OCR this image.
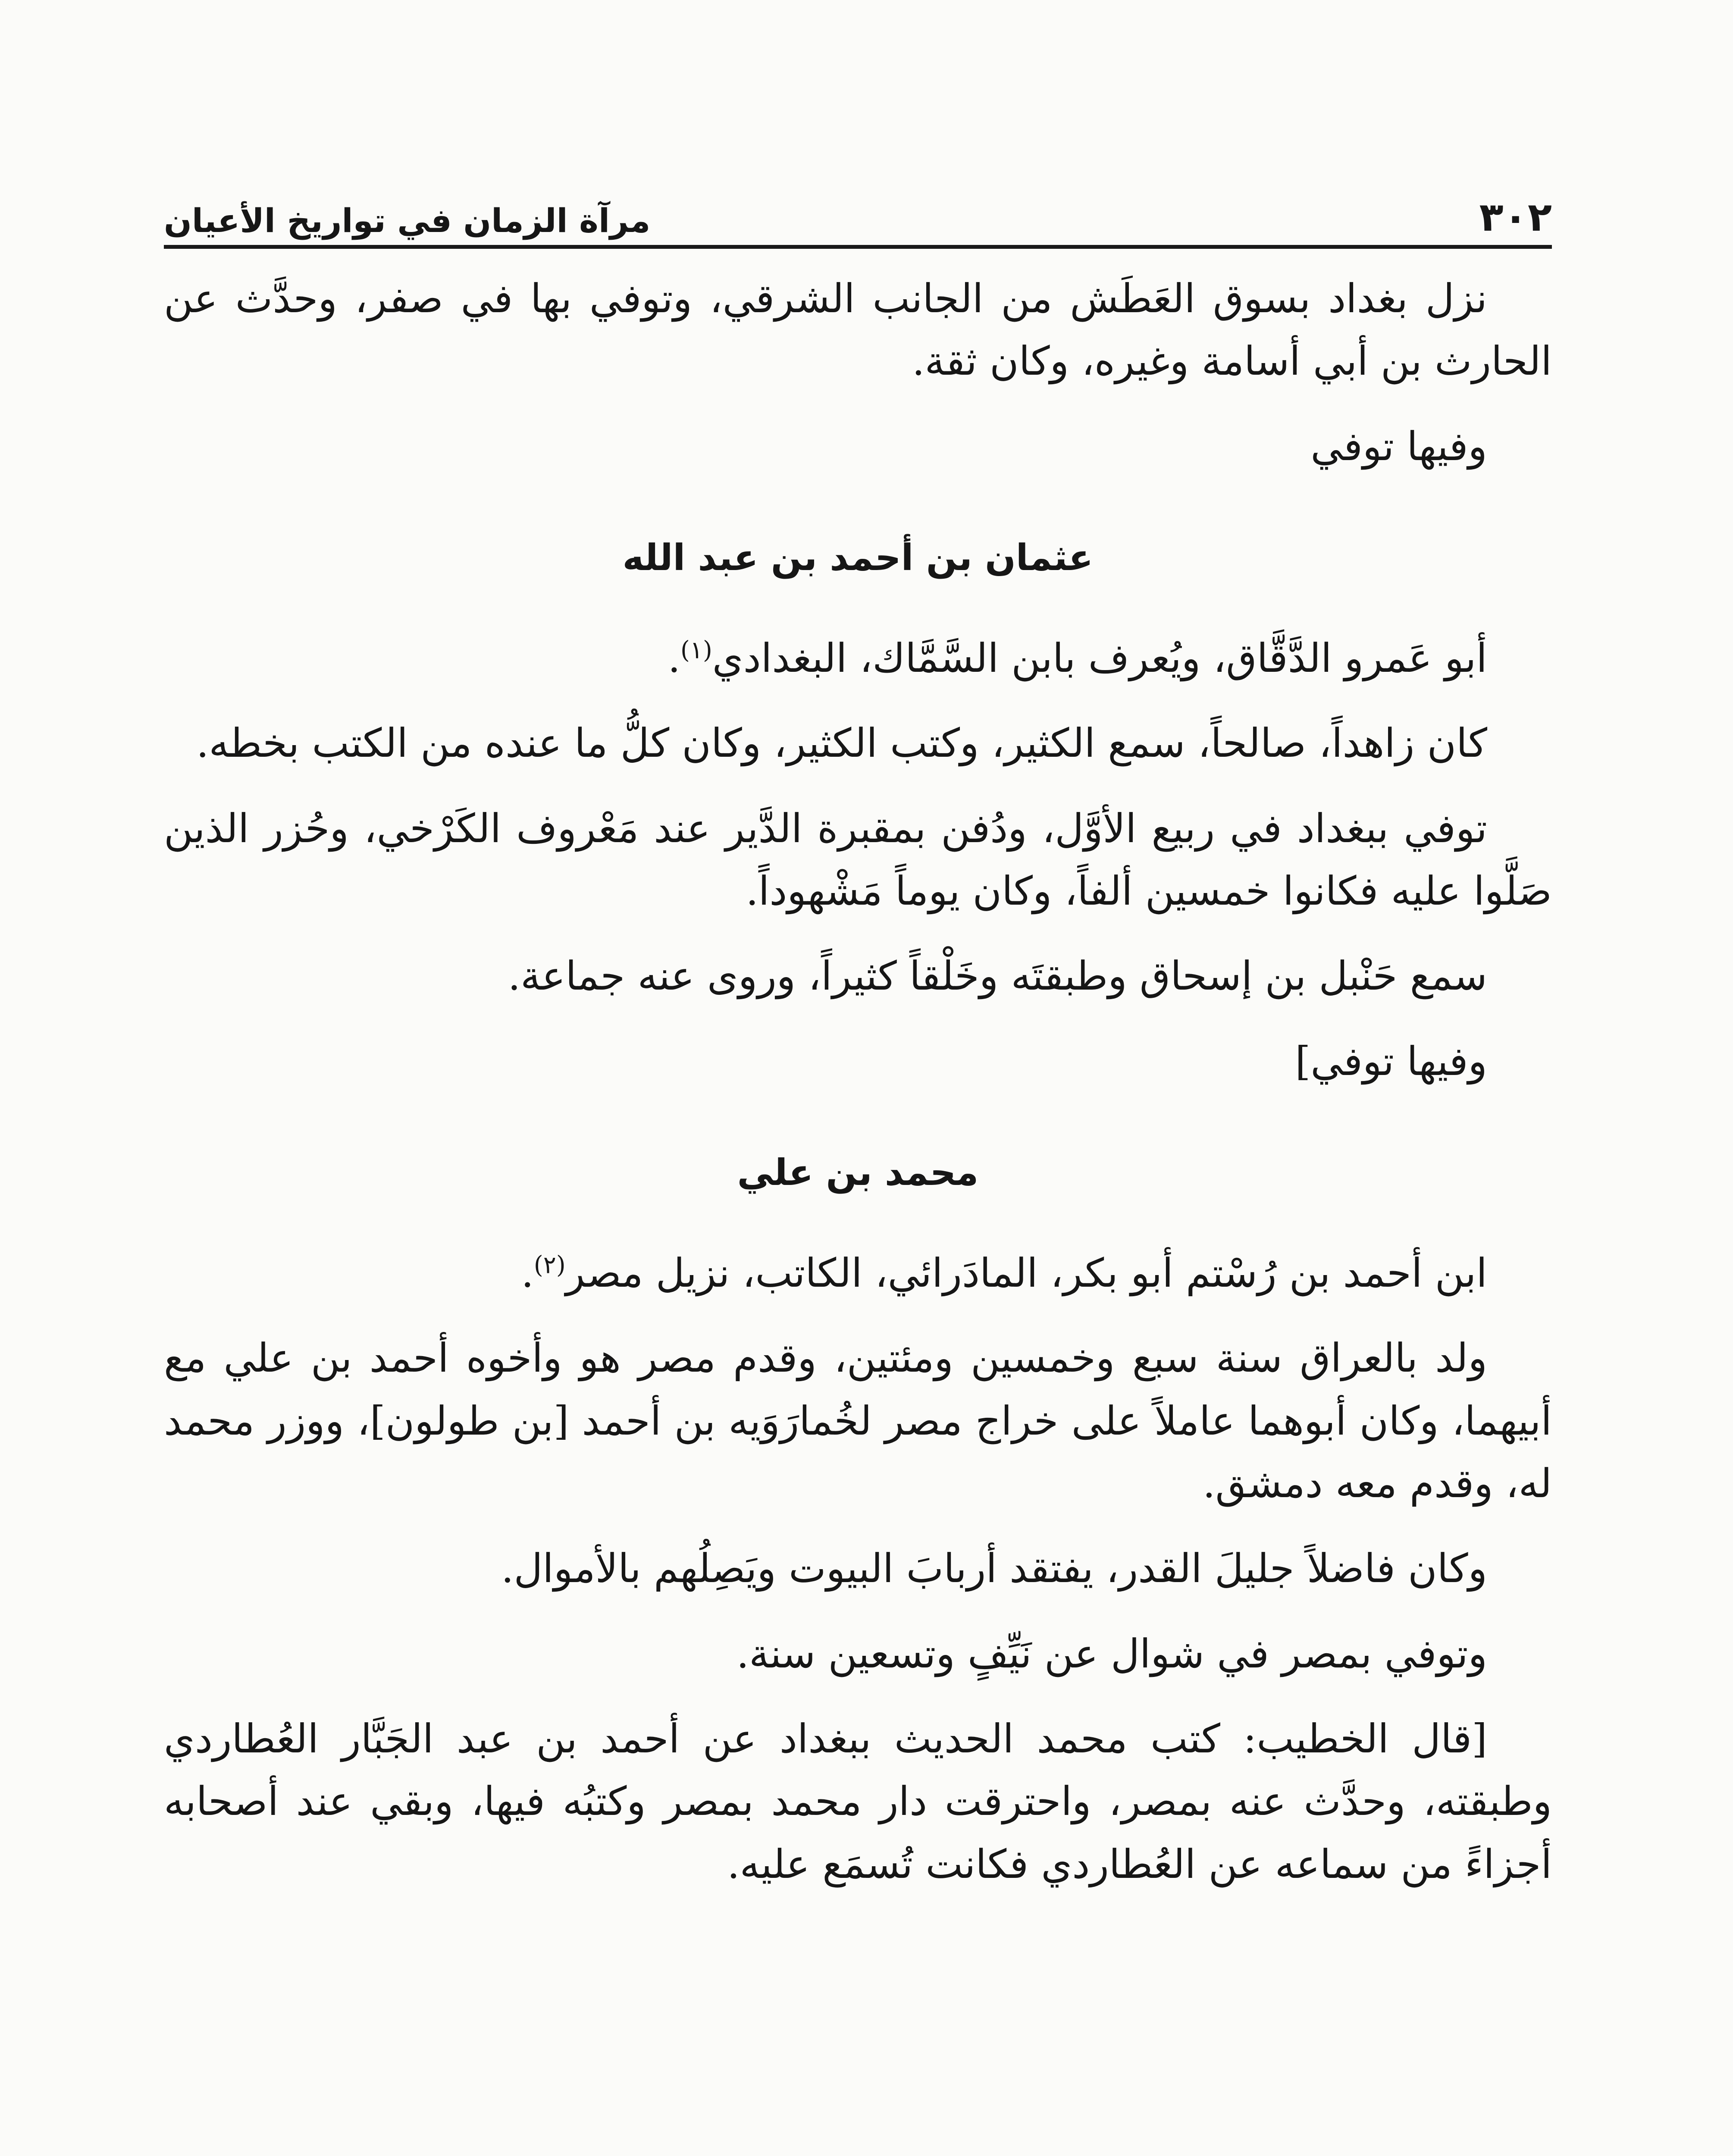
٣٠٢
مرآة الزمان في تواريخ الأعيان

نزل بغداد بسوق العَطَش من الجانب الشرقي، وتوفي بها في صفر، وحدَّث عن الحارث بن أبي أسامة وغيره، وكان ثقة.

وفيها توفي

عثمان بن أحمد بن عبد الله

أبو عَمرو الدَّقَّاق، ويُعرف بابن السَّمَّاك، البغدادي$^{(١)}$.

كان زاهداً، صالحاً، سمع الكثير، وكتب الكثير، وكان كلُّ ما عنده من الكتب بخطه.

توفي ببغداد في ربيع الأوَّل، ودُفن بمقبرة الدَّير عند مَعْروف الكَرْخي، وحُزر الذين صَلَّوا عليه فكانوا خمسين ألفاً، وكان يوماً مَشْهوداً.

سمع حَنْبل بن إسحاق وطبقتَه وخَلْقاً كثيراً، وروى عنه جماعة.

وفيها توفي]

محمد بن علي

ابن أحمد بن رُسْتم أبو بكر، المادَرائي، الكاتب، نزيل مصر$^{(٢)}$.

ولد بالعراق سنة سبع وخمسين ومئتين، وقدم مصر هو وأخوه أحمد بن علي مع أبيهما، وكان أبوهما عاملاً على خراج مصر لخُمارَوَيه بن أحمد [بن طولون]، ووزر محمد له، وقدم معه دمشق.

وكان فاضلاً جليلَ القدر، يفتقد أربابَ البيوت ويَصِلُهم بالأموال.

وتوفي بمصر في شوال عن نَيِّفٍ وتسعين سنة.

[قال الخطيب: كتب محمد الحديث ببغداد عن أحمد بن عبد الجَبَّار العُطاردي وطبقته، وحدَّث عنه بمصر، واحترقت دار محمد بمصر وكتبُه فيها، وبقي عند أصحابه أجزاءً من سماعه عن العُطاردي فكانت تُسمَع عليه.
